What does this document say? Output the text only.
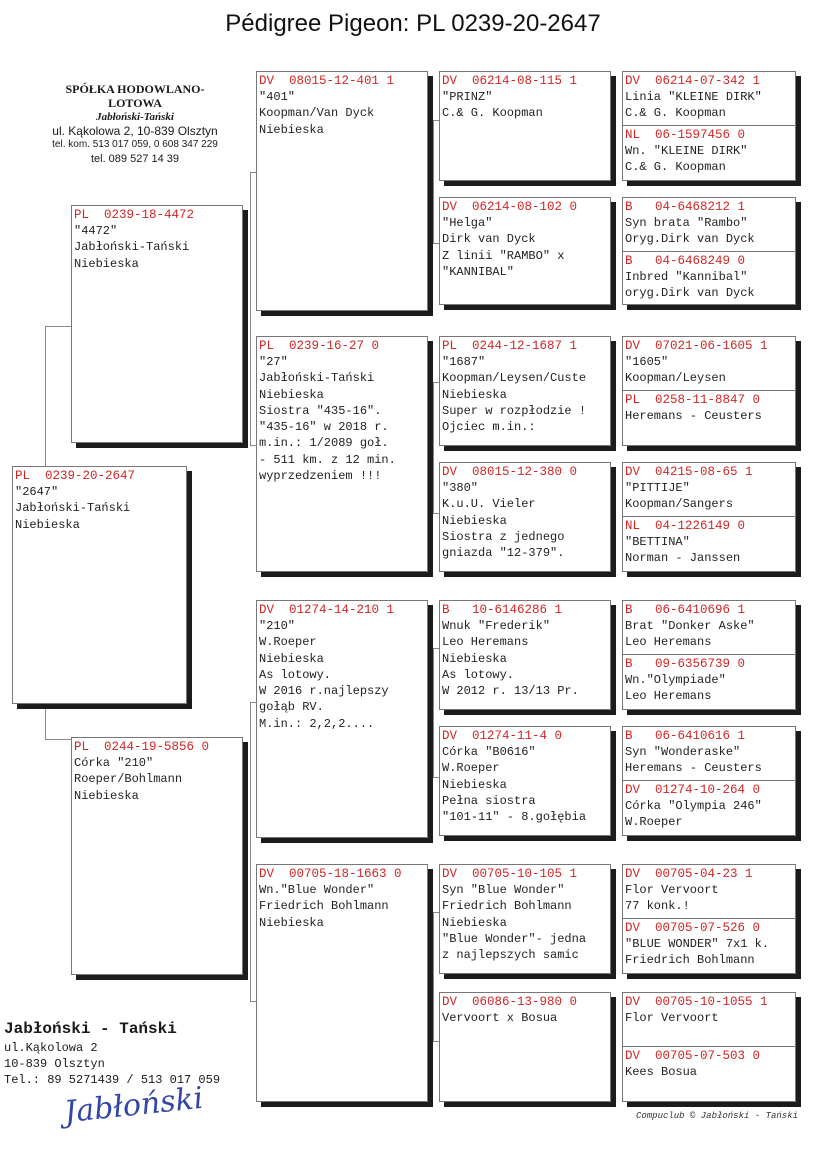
Pédigree Pigeon: PL 0239-20-2647
SPÓŁKA HODOWLANO-LOTOWA
Jabłoński-Tański
ul. Kąkolowa 2, 10-839 Olsztyn
tel. kom. 513 017 059, 0 608 347 229
tel. 089 527 14 39
PL  0239-20-2647
"2647"
Jabłoński-Tański
Niebieska
PL  0239-18-4472
"4472"
Jabłoński-Tański
Niebieska
PL  0244-19-5856 0
Córka "210"
Roeper/Bohlmann
Niebieska
DV  08015-12-401 1
"401"
Koopman/Van Dyck
Niebieska
PL  0239-16-27 0
"27"
Jabłoński-Tański
Niebieska
Siostra "435-16".
"435-16" w 2018 r.
m.in.: 1/2089 goł.
- 511 km. z 12 min.
wyprzedzeniem !!!
DV  01274-14-210 1
"210"
W.Roeper
Niebieska
As lotowy.
W 2016 r.najlepszy
gołąb RV.
M.in.: 2,2,2....
DV  00705-18-1663 0
Wn."Blue Wonder"
Friedrich Bohlmann
Niebieska
DV  06214-08-115 1
"PRINZ"
C.& G. Koopman
DV  06214-08-102 0
"Helga"
Dirk van Dyck
Z linii "RAMBO" x
"KANNIBAL"
PL  0244-12-1687 1
"1687"
Koopman/Leysen/Custe
Niebieska
Super w rozpłodzie !
Ojciec m.in.:
DV  08015-12-380 0
"380"
K.u.U. Vieler
Niebieska
Siostra z jednego
gniazda "12-379".
B   10-6146286 1
Wnuk "Frederik"
Leo Heremans
Niebieska
As lotowy.
W 2012 r. 13/13 Pr.
DV  01274-11-4 0
Córka "B0616"
W.Roeper
Niebieska
Pełna siostra
"101-11" - 8.gołębia
DV  00705-10-105 1
Syn "Blue Wonder"
Friedrich Bohlmann
Niebieska
"Blue Wonder"- jedna
z najlepszych samic
DV  06086-13-980 0
Vervoort x Bosua
DV  06214-07-342 1
Linia "KLEINE DIRK"
C.& G. Koopman
NL  06-1597456 0
Wn. "KLEINE DIRK"
C.& G. Koopman
B   04-6468212 1
Syn brata "Rambo"
Oryg.Dirk van Dyck
B   04-6468249 0
Inbred "Kannibal"
oryg.Dirk van Dyck
DV  07021-06-1605 1
"1605"
Koopman/Leysen
PL  0258-11-8847 0
Heremans - Ceusters
DV  04215-08-65 1
"PITTIJE"
Koopman/Sangers
NL  04-1226149 0
"BETTINA"
Norman - Janssen
B   06-6410696 1
Brat "Donker Aske"
Leo Heremans
B   09-6356739 0
Wn."Olympiade"
Leo Heremans
B   06-6410616 1
Syn "Wonderaske"
Heremans - Ceusters
DV  01274-10-264 0
Córka "Olympia 246"
W.Roeper
DV  00705-04-23 1
Flor Vervoort
77 konk.!
DV  00705-07-526 0
"BLUE WONDER" 7x1 k.
Friedrich Bohlmann
DV  00705-10-1055 1
Flor Vervoort
DV  00705-07-503 0
Kees Bosua
Jabłoński - Tański
ul.Kąkolowa 2
10-839 Olsztyn
Tel.: 89 5271439 / 513 017 059
Jabłoński	Compuclub © Jabłoński - Tański
